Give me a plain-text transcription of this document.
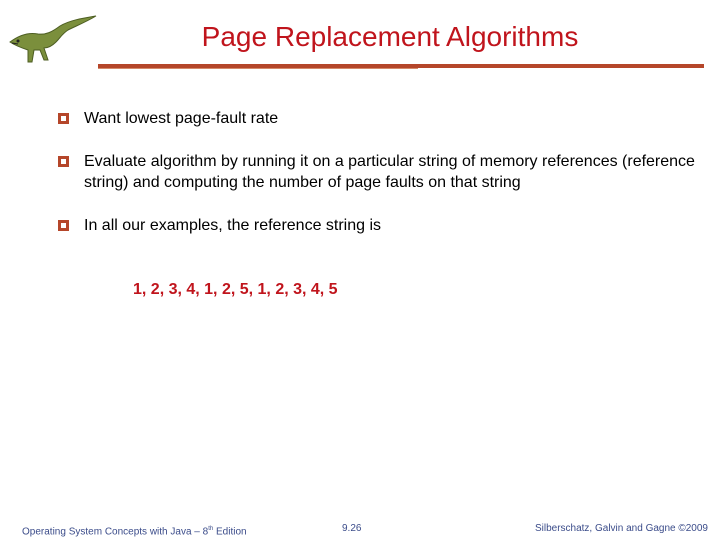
Page Replacement Algorithms
Want lowest page-fault rate
Evaluate algorithm by running it on a particular string of memory references (reference string) and computing the number of page faults on that string
In all our examples, the reference string is
1, 2, 3, 4, 1, 2, 5, 1, 2, 3, 4, 5
Operating System Concepts with Java – 8th Edition	9.26	Silberschatz, Galvin and Gagne ©2009
